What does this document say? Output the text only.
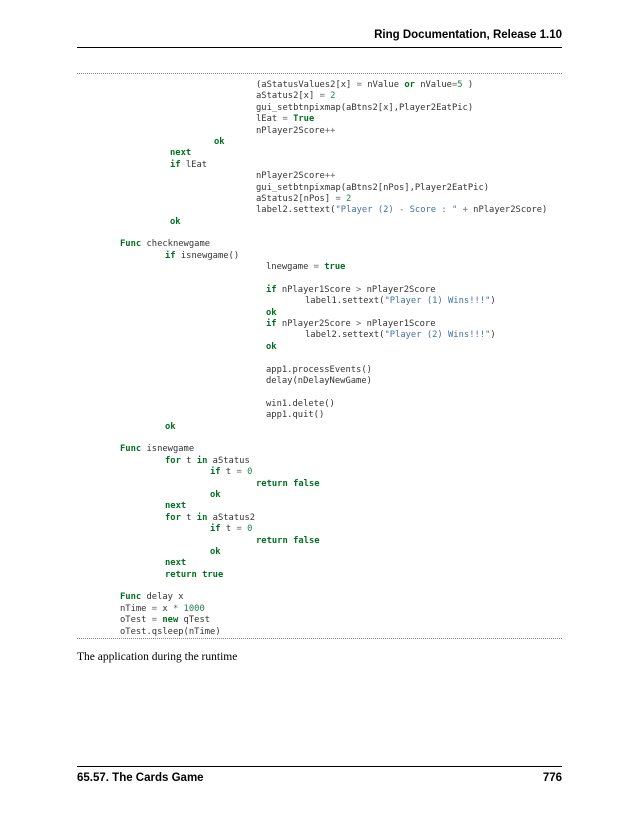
Ring Documentation, Release 1.10
(aStatusValues2[x] = nValue or nValue=5 )
aStatus2[x] = 2
gui_setbtnpixmap(aBtns2[x],Player2EatPic)
lEat = True
nPlayer2Score++
ok
next
if lEat
nPlayer2Score++
gui_setbtnpixmap(aBtns2[nPos],Player2EatPic)
aStatus2[nPos] = 2
label2.settext("Player (2) - Score : " + nPlayer2Score)
ok
Func checknewgame
if isnewgame()
lnewgame = true
if nPlayer1Score > nPlayer2Score
label1.settext("Player (1) Wins!!!")
ok
if nPlayer2Score > nPlayer1Score
label2.settext("Player (2) Wins!!!")
ok
app1.processEvents()
delay(nDelayNewGame)
win1.delete()
app1.quit()
ok
Func isnewgame
for t in aStatus
if t = 0
return false
ok
next
for t in aStatus2
if t = 0
return false
ok
next
return true
Func delay x
nTime = x * 1000
oTest = new qTest
oTest.qsleep(nTime)
The application during the runtime
65.57. The Cards Game	776
